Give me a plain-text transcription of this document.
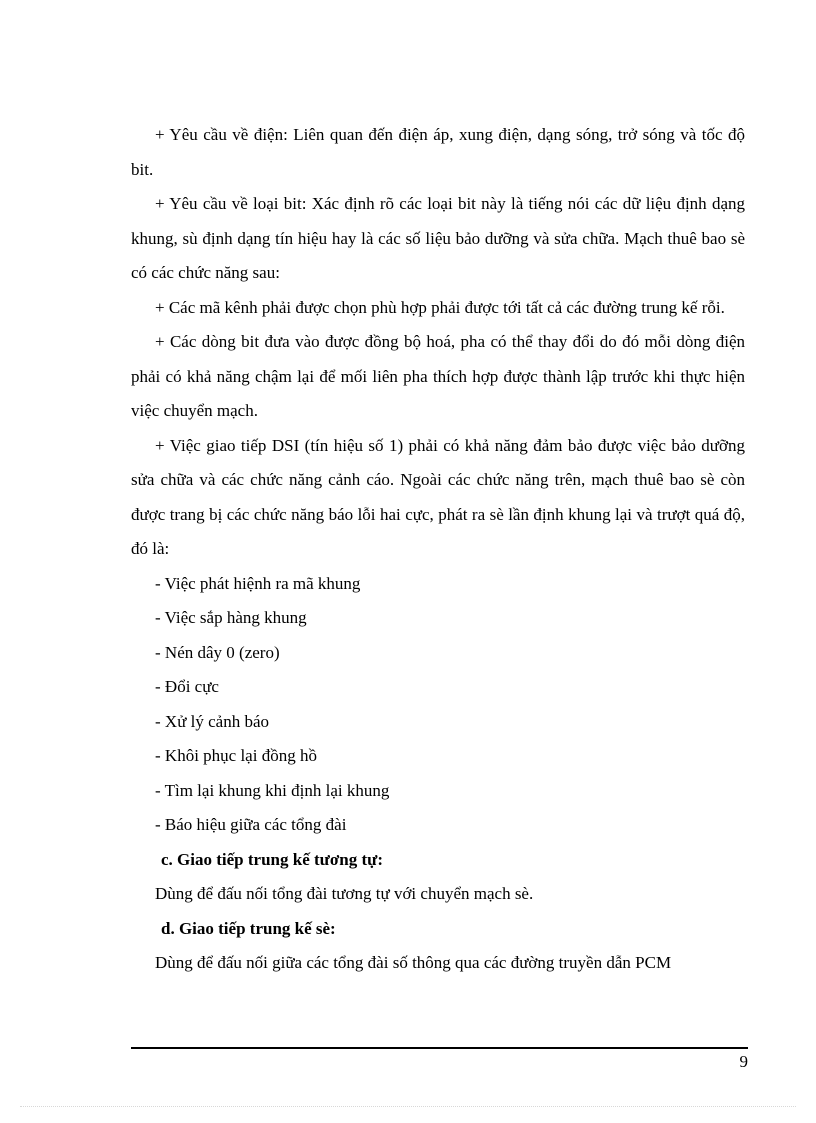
+ Yêu cầu về điện: Liên quan đến điện áp, xung điện, dạng sóng, trở sóng và tốc độ bit.

+ Yêu cầu về loại bit: Xác định rõ các loại bit này là tiếng nói các dữ liệu định dạng khung, sù định dạng tín hiệu hay là các số liệu bảo dưỡng và sửa chữa. Mạch thuê bao sè có các chức năng sau:

+ Các mã kênh phải được chọn phù hợp phải được tới tất cả các đường trung kế rỗi.

+ Các dòng bit đưa vào được đồng bộ hoá, pha có thể thay đổi do đó mỗi dòng điện phải có khả năng chậm lại để mối liên pha thích hợp được thành lập trước khi thực hiện việc chuyển mạch.

+ Việc giao tiếp DSI (tín hiệu số 1) phải có khả năng đảm bảo được việc bảo dưỡng sửa chữa và các chức năng cảnh cáo. Ngoài các chức năng trên, mạch thuê bao sè còn được trang bị các chức năng báo lỗi hai cực, phát ra sè lần định khung lại và trượt quá độ, đó là:

- Việc phát hiệnh ra mã khung
- Việc sắp hàng khung
- Nén dây 0 (zero)
- Đổi cực
- Xử lý cảnh báo
- Khôi phục lại đồng hồ
- Tìm lại khung khi định lại khung
- Báo hiệu giữa các tổng đài
c. Giao tiếp trung kế tương tự:
Dùng để đấu nối tổng đài tương tự với chuyển mạch sè.
d. Giao tiếp trung kế sè:
Dùng để đấu nối giữa các tổng đài số thông qua các đường truyền dẫn PCM
9
